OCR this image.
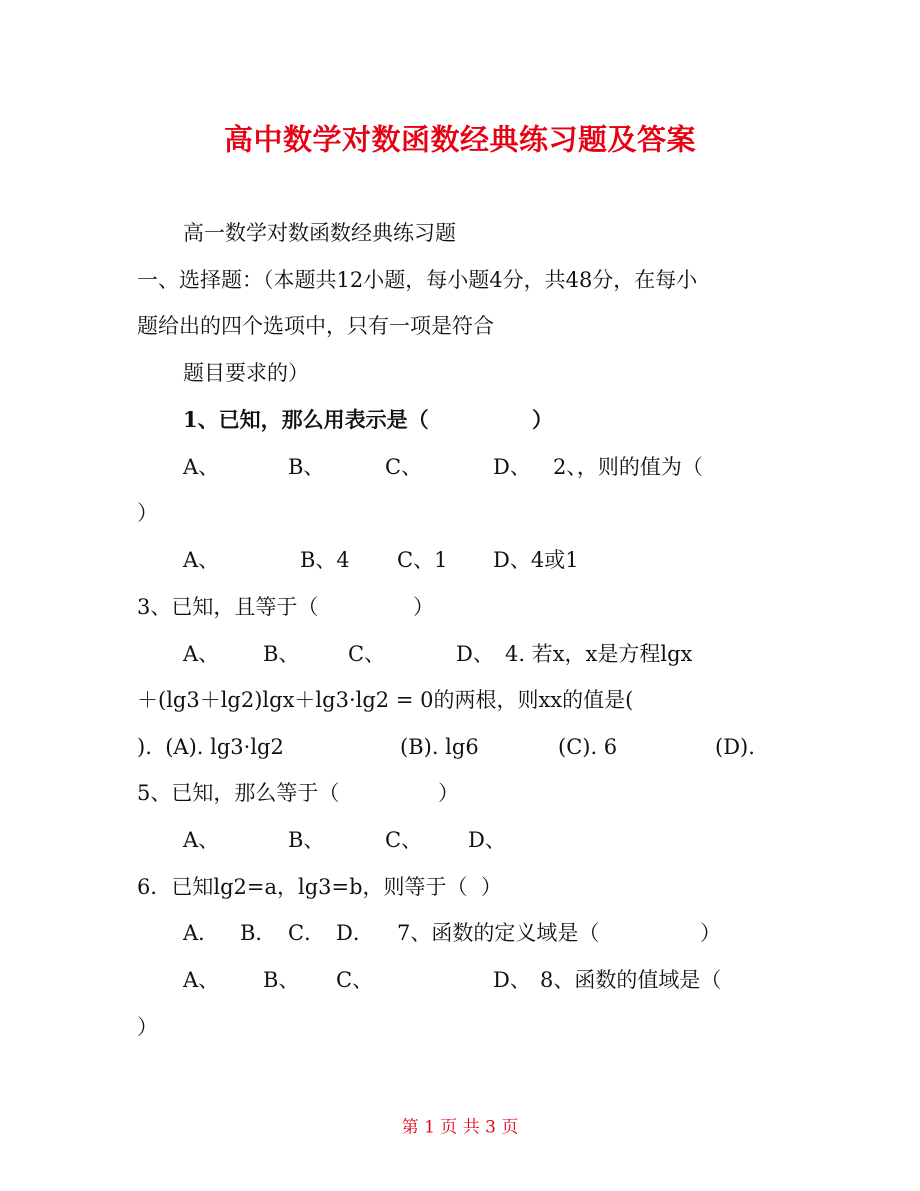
高中数学对数函数经典练习题及答案
高一数学对数函数经典练习题
一、选择题：（本题共12小题，每小题4分，共48分，在每小
题给出的四个选项中，只有一项是符合
题目要求的）
1、已知，那么用表示是（	）
A、	B、	C、	D、 2、，则的值为（
）
A、	B、4 C、1 D、4或1
3、已知，且等于（	）
A、 B、 C、	D、 4. 若x，x是方程lgx
＋(lg3＋lg2)lgx＋lg3·lg2 = 0的两根，则xx的值是(
).  (A). lg3·lg2	(B). lg6	(C). 6	(D).
5、已知，那么等于（	）
A、	B、	C、 D、
6．已知lg2=a，lg3=b，则等于（  ）
A． B． C． D． 7、函数的定义域是（	）
A、 B、 C、	D、 8、函数的值域是（
）
第 1 页 共 3 页
